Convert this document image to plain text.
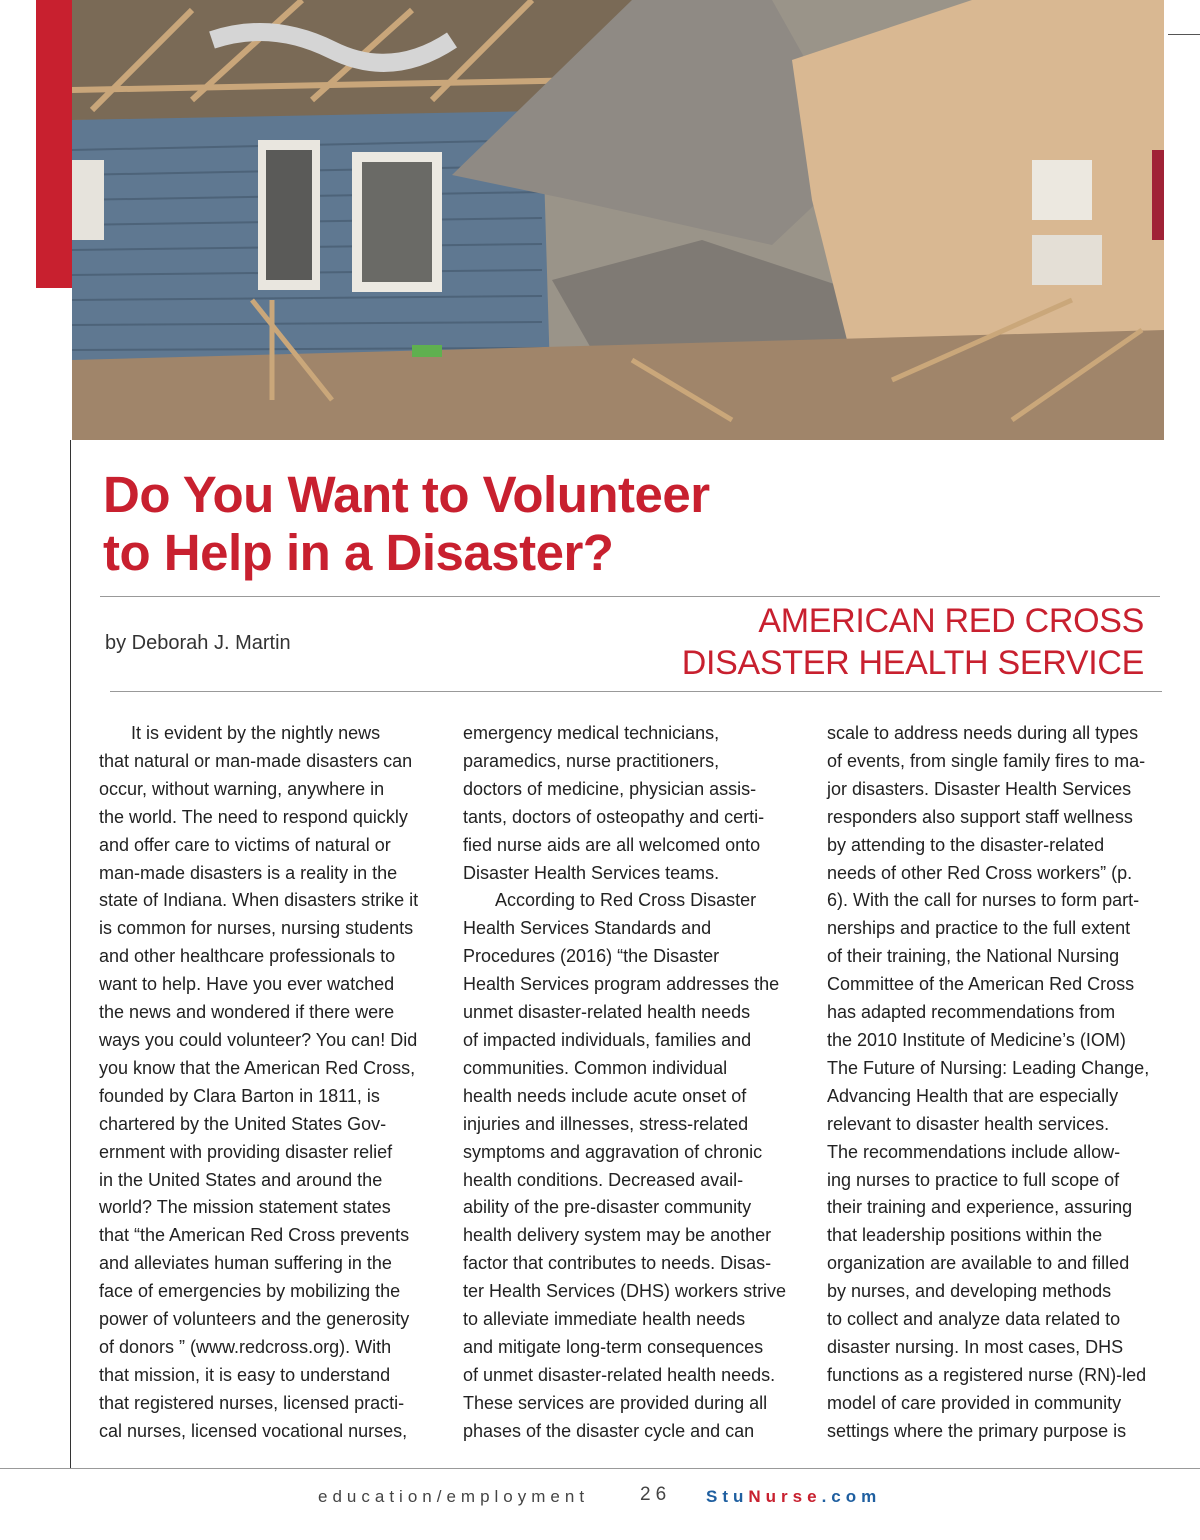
Do You Want to Volunteer
to Help in a Disaster?
by Deborah J. Martin
AMERICAN RED CROSS
DISASTER HEALTH SERVICE
It is evident by the nightly news
that natural or man-made disasters can
occur, without warning, anywhere in
the world. The need to respond quickly
and offer care to victims of natural or
man-made disasters is a reality in the
state of Indiana. When disasters strike it
is common for nurses, nursing students
and other healthcare professionals to
want to help. Have you ever watched
the news and wondered if there were
ways you could volunteer? You can! Did
you know that the American Red Cross,
founded by Clara Barton in 1811, is
chartered by the United States Gov-
ernment with providing disaster relief
in the United States and around the
world? The mission statement states
that “the American Red Cross prevents
and alleviates human suffering in the
face of emergencies by mobilizing the
power of volunteers and the generosity
of donors ” (www.redcross.org). With
that mission, it is easy to understand
that registered nurses, licensed practi-
cal nurses, licensed vocational nurses,
emergency medical technicians,
paramedics, nurse practitioners,
doctors of medicine, physician assis-
tants, doctors of osteopathy and certi-
fied nurse aids are all welcomed onto
Disaster Health Services teams.
According to Red Cross Disaster
Health Services Standards and
Procedures (2016) “the Disaster
Health Services program addresses the
unmet disaster-related health needs
of impacted individuals, families and
communities. Common individual
health needs include acute onset of
injuries and illnesses, stress-related
symptoms and aggravation of chronic
health conditions. Decreased avail-
ability of the pre-disaster community
health delivery system may be another
factor that contributes to needs. Disas-
ter Health Services (DHS) workers strive
to alleviate immediate health needs
and mitigate long-term consequences
of unmet disaster-related health needs.
These services are provided during all
phases of the disaster cycle and can
scale to address needs during all types
of events, from single family fires to ma-
jor disasters. Disaster Health Services
responders also support staff wellness
by attending to the disaster-related
needs of other Red Cross workers” (p.
6). With the call for nurses to form part-
nerships and practice to the full extent
of their training, the National Nursing
Committee of the American Red Cross
has adapted recommendations from
the 2010 Institute of Medicine’s (IOM)
The Future of Nursing: Leading Change,
Advancing Health that are especially
relevant to disaster health services.
The recommendations include allow-
ing nurses to practice to full scope of
their training and experience, assuring
that leadership positions within the
organization are available to and filled
by nurses, and developing methods
to collect and analyze data related to
disaster nursing. In most cases, DHS
functions as a registered nurse (RN)-led
model of care provided in community
settings where the primary purpose is
education/employment	26 StuNurse.com
